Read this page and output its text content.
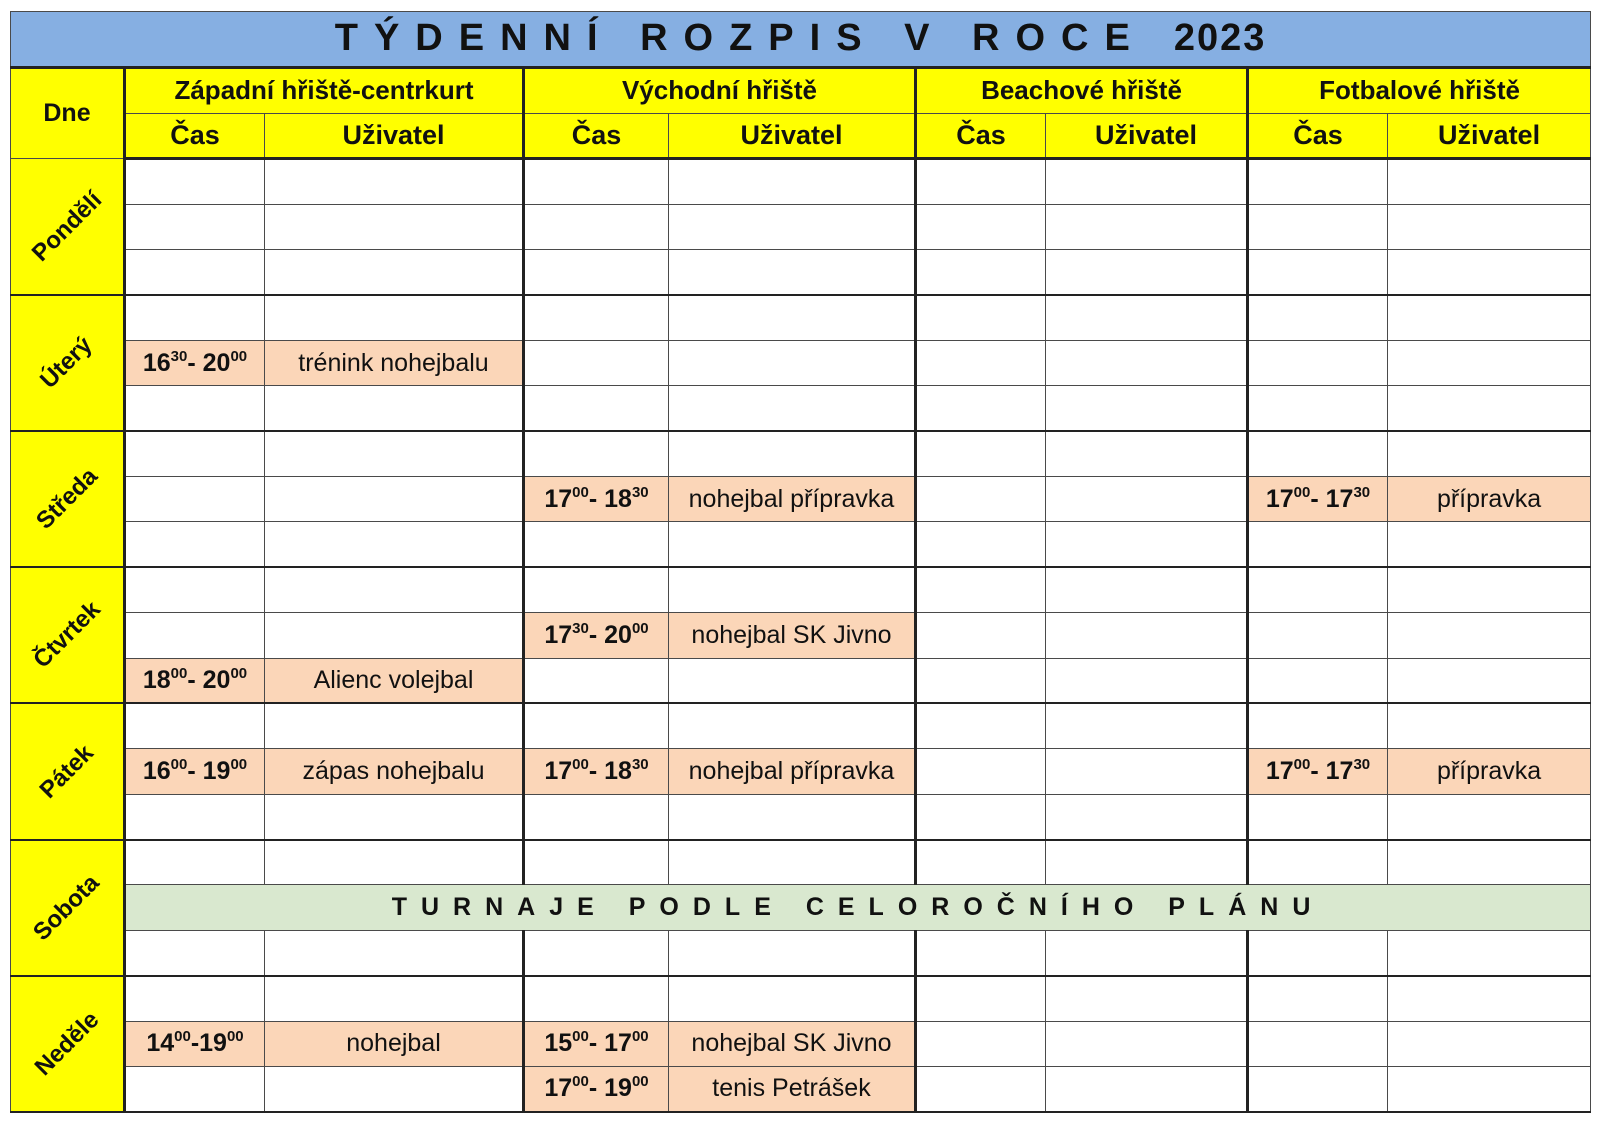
TÝDENNÍ ROZPIS V ROCE 2023								
Dne	Západní hřiště-centrkurt		Východní hřiště		Beachové hřiště		Fotbalové hřiště	
	Čas	Uživatel	Čas	Uživatel	Čas	Uživatel	Čas	Uživatel
Pondělí								

Úterý								
	$16^{30}-$ $20^{00}$	trénink nohejbalu						

Středa								
			$17^{00}-$ $18^{30}$	nohejbal přípravka			$17^{00}-$ $17^{30}$	přípravka

Čtvrtek								
			$17^{30}-$ $20^{00}$	nohejbal SK Jivno				
	$18^{00}-$ $20^{00}$	Alienc volejbal						
Pátek								
	$16^{00}-$ $19^{00}$	zápas nohejbalu	$17^{00}-$ $18^{30}$	nohejbal přípravka			$17^{00}-$ $17^{30}$	přípravka

Sobota								
	TURNAJE PODLE CELOROČNÍHO PLÁNU							

Neděle								
	$14^{00}-19^{00}$	nohejbal	$15^{00}-$ $17^{00}$	nohejbal SK Jivno				
			$17^{00}-$ $19^{00}$	tenis Petrášek				
